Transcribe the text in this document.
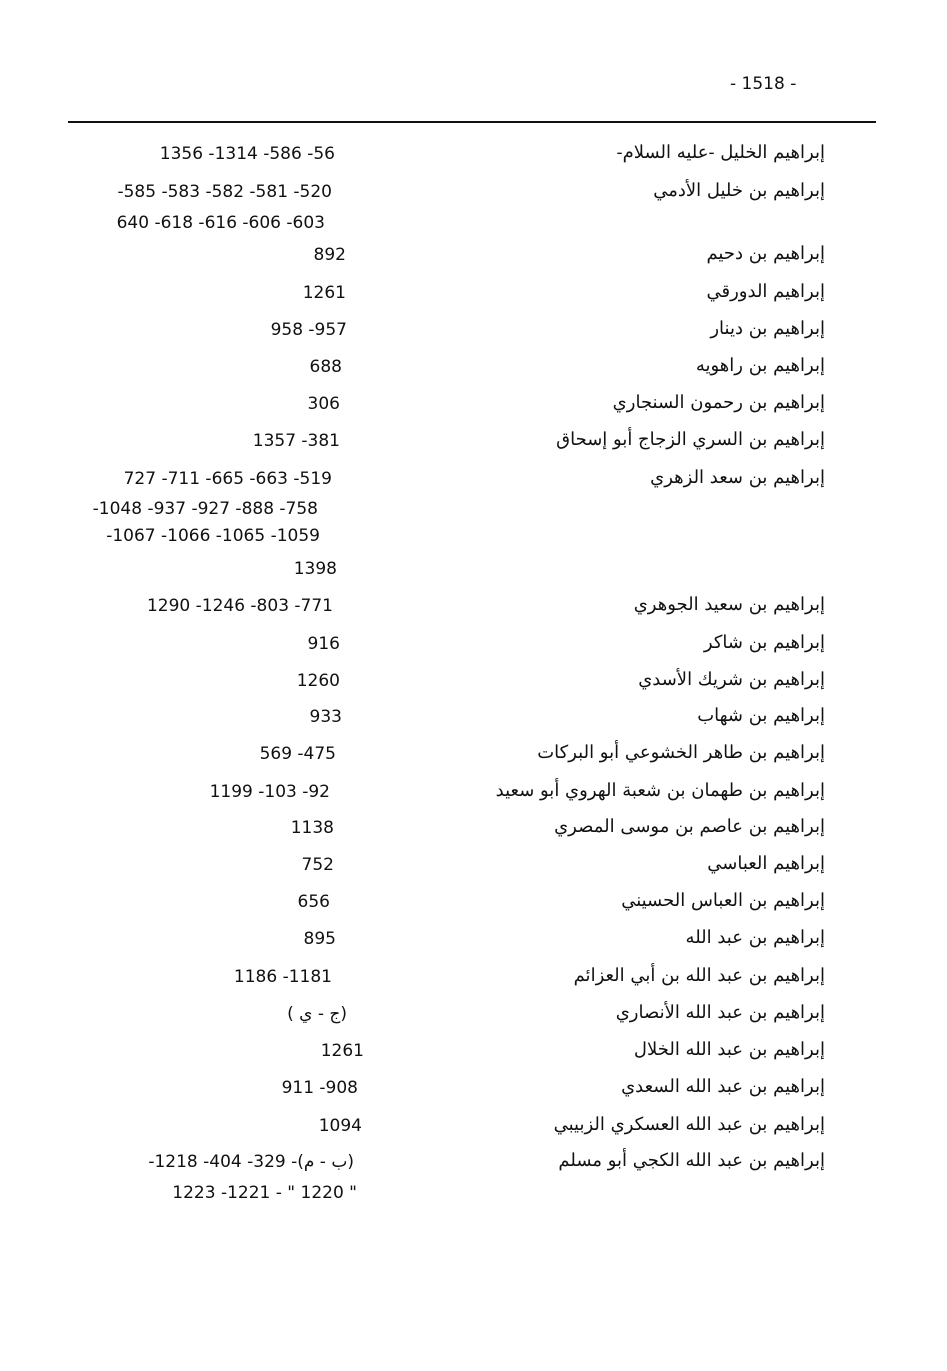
- 1518 -
إبراهيم الخليل -عليه السلام-
1356 -1314 -586 -56
إبراهيم بن خليل الأدمي
-585 -583 -582 -581 -520
640 -618 -616 -606 -603
إبراهيم بن دحيم
892
إبراهيم الدورقي
1261
إبراهيم بن دينار
958 -957
إبراهيم بن راهويه
688
إبراهيم بن رحمون السنجاري
306
إبراهيم بن السري الزجاج أبو إسحاق
1357 -381
إبراهيم بن سعد الزهري
727 -711 -665 -663 -519
-1048 -937 -927 -888 -758
-1067 -1066 -1065 -1059
1398
إبراهيم بن سعيد الجوهري
1290 -1246 -803 -771
إبراهيم بن شاكر
916
إبراهيم بن شريك الأسدي
1260
إبراهيم بن شهاب
933
إبراهيم بن طاهر الخشوعي أبو البركات
569 -475
إبراهيم بن طهمان بن شعبة الهروي أبو سعيد
1199 -103 -92
إبراهيم بن عاصم بن موسى المصري
1138
إبراهيم العباسي
752
إبراهيم بن العباس الحسيني
656
إبراهيم بن عبد الله
895
إبراهيم بن عبد الله بن أبي العزائم
1186 -1181
إبراهيم بن عبد الله الأنصاري
( ج - ي)
إبراهيم بن عبد الله الخلال
1261
إبراهيم بن عبد الله السعدي
911 -908
إبراهيم بن عبد الله العسكري الزبيبي
1094
إبراهيم بن عبد الله الكجي أبو مسلم
-1218 -404 -329 -(ب - م)
1223 -1221 - " 1220 "
